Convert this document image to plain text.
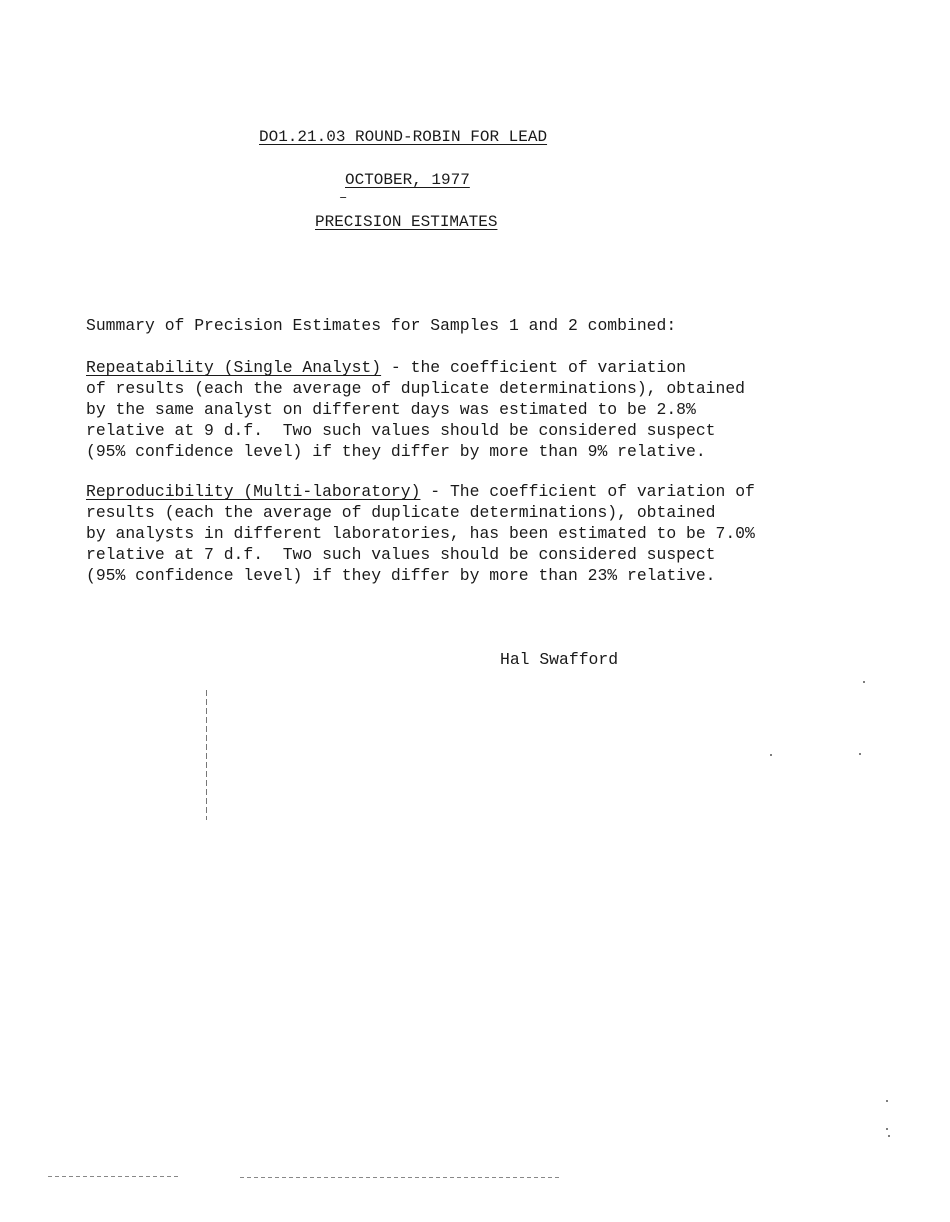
DO1.21.03 ROUND-ROBIN FOR LEAD
OCTOBER, 1977
PRECISION ESTIMATES
Summary of Precision Estimates for Samples 1 and 2 combined:
Repeatability (Single Analyst) - the coefficient of variation
of results (each the average of duplicate determinations), obtained
by the same analyst on different days was estimated to be 2.8%
relative at 9 d.f.  Two such values should be considered suspect
(95% confidence level) if they differ by more than 9% relative.
Reproducibility (Multi-laboratory) - The coefficient of variation of
results (each the average of duplicate determinations), obtained
by analysts in different laboratories, has been estimated to be 7.0%
relative at 7 d.f.  Two such values should be considered suspect
(95% confidence level) if they differ by more than 23% relative.
Hal Swafford
